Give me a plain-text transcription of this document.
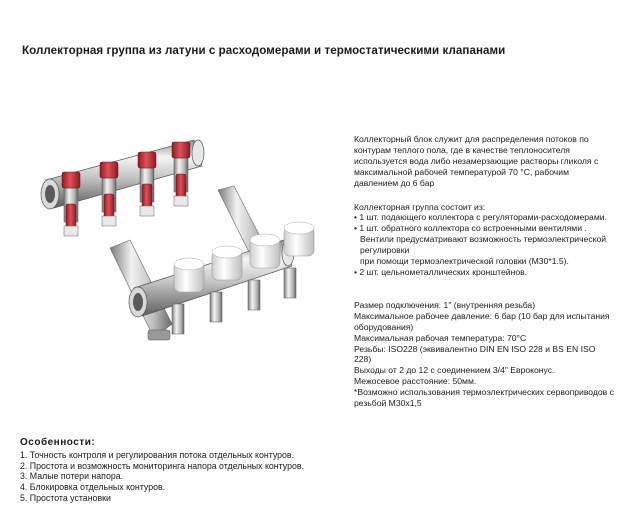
Коллекторная группа из латуни с расходомерами и термостатическими клапанами

Коллекторный блок служит для распределения потоков по контурам теплого пола, где в качестве теплоносителя используется вода либо незамерзающие растворы гликоля с максимальной рабочей температурой 70 °С, рабочим давлением до 6 бар

Коллекторная группа состоит из:

• 1 шт. подающего коллектора с регуляторами-расходомерами.
• 1 шт. обратного коллектора со встроенными вентилями .
Вентили предусматривают возможность термоэлектрической регулировки
при помощи термоэлектрической головки (M30*1.5).
• 2 шт. цельнометаллических кронштейнов.
Размер подключения: 1" (внутренняя резьба)
Максимальное рабочее давление: 6 бар (10 бар для испытания оборудования)
Максимальная рабочая температура: 70°С
Резьбы: ISO228 (эквивалентно DIN EN ISO 228 и BS EN ISO 228)
Выходы от 2 до 12 с соединением 3/4" Евроконус.
Межосевое расстояние: 50мм.

*Возможно использования термоэлектрических сервоприводов с резьбой M30x1,5

Особенности:
1. Точность контроля и регулирования потока отдельных контуров.
2. Простота и возможность мониторинга напора отдельных контуров.
3. Малые потери напора.
4. Блокировка отдельных контуров.
5. Простота установки
